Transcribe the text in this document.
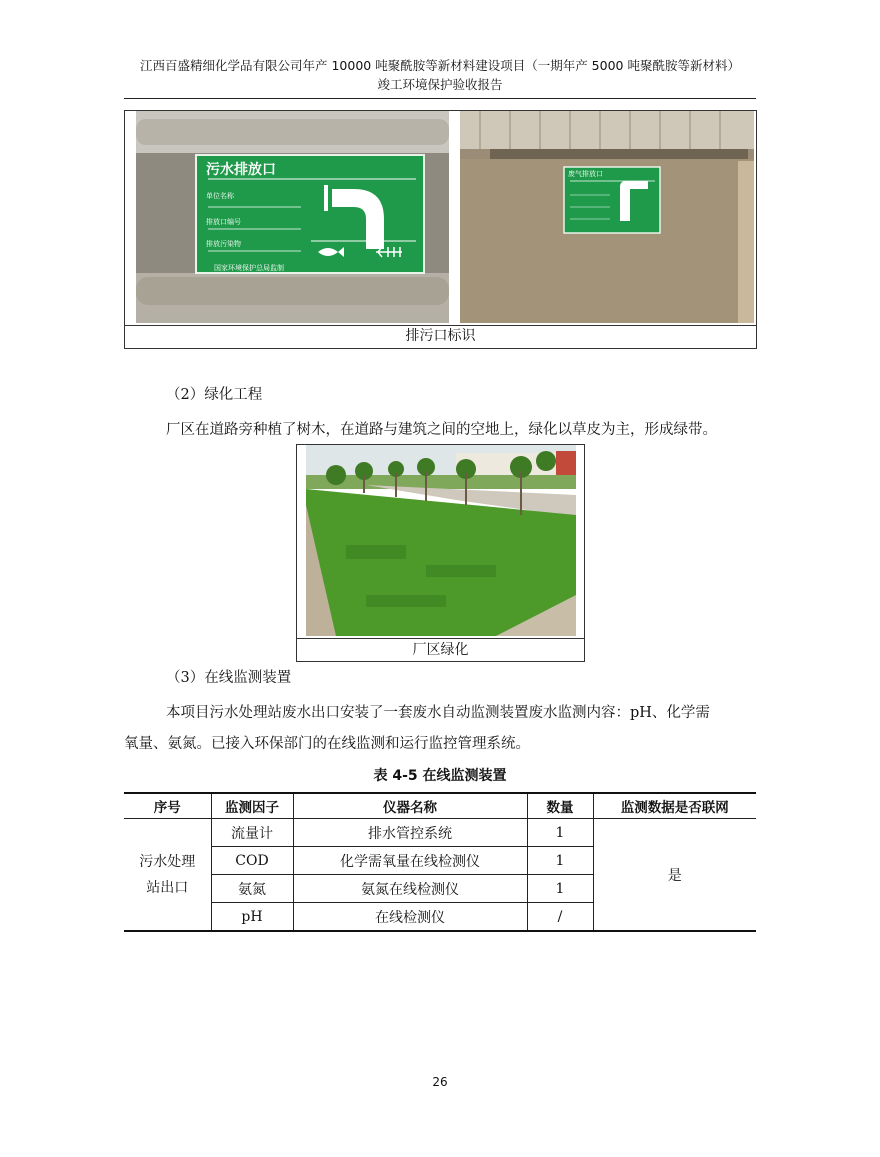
江西百盛精细化学品有限公司年产 10000 吨聚酰胺等新材料建设项目（一期年产 5000 吨聚酰胺等新材料）
竣工环境保护验收报告
污水排放口
单位名称
排放口编号
排放污染物
国家环境保护总局监制
废气排放口
排污口标识
（2）绿化工程
厂区在道路旁种植了树木，在道路与建筑之间的空地上，绿化以草皮为主，形成绿带。
厂区绿化
（3）在线监测装置
本项目污水处理站废水出口安装了一套废水自动监测装置废水监测内容：pH、化学需
氧量、氨氮。已接入环保部门的在线监测和运行监控管理系统。
表 4-5 在线监测装置
序号	监测因子	仪器名称	数量	监测数据是否联网

污水处理
站出口	流量计	排水管控系统	1	是
	COD	化学需氧量在线检测仪	1	
	氨氮	氨氮在线检测仪	1	
	pH	在线检测仪	/	
26
